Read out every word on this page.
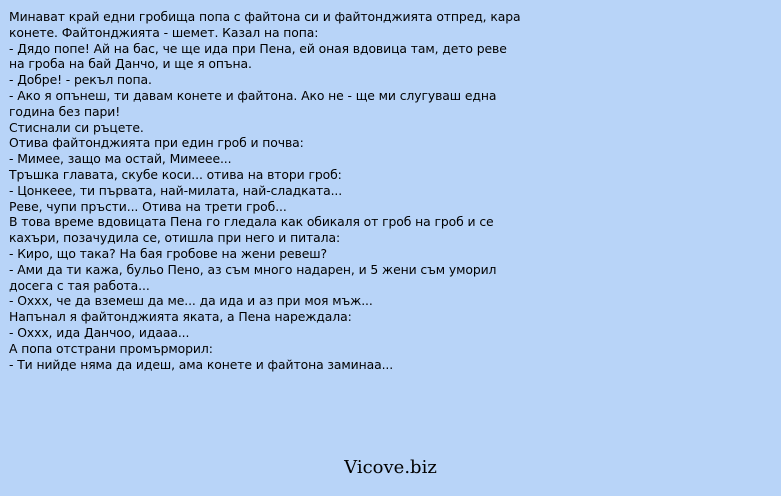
Минават край едни гробища попа с файтона си и файтонджията отпред, кара
конете. Файтонджията - шемет. Казал на попа:
- Дядо попе! Ай на бас, че ще ида при Пена, ей оная вдовица там, дето реве
на гроба на бай Данчо, и ще я опъна.
- Добре! - рекъл попа.
- Ако я опънеш, ти давам конете и файтона. Ако не - ще ми слугуваш една
година без пари!
Стиснали си ръцете.
Отива файтонджията при един гроб и почва:
- Мимее, защо ма остай, Мимеее...
Тръшка главата, скубе коси... отива на втори гроб:
- Цонкеее, ти първата, най-милата, най-сладката...
Реве, чупи пръсти... Отива на трети гроб...
В това време вдовицата Пена го гледала как обикаля от гроб на гроб и се
кахъри, позачудила се, отишла при него и питала:
- Киро, що така? На бая гробове на жени ревеш?
- Ами да ти кажа, бульо Пено, аз съм много надарен, и 5 жени съм уморил
досега с тая работа...
- Оххх, че да вземеш да ме... да ида и аз при моя мъж...
Напънал я файтонджията яката, а Пена нареждала:
- Оххх, ида Данчоо, идааа...
А попа отстрани промърморил:
- Ти нийде няма да идеш, ама конете и файтона заминаа...
Vicove.biz
